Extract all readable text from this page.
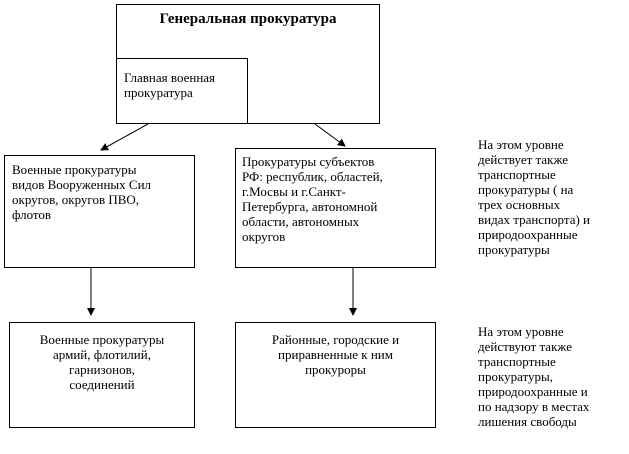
Генеральная прокуратура
Главная военная
прокуратура
Военные прокуратуры
видов Вооруженных Сил
округов, округов ПВО,
флотов
Прокуратуры субъектов
РФ: республик, областей,
г.Мосвы и г.Санкт-
Петербурга, автономной
области, автономных
округов
Военные прокуратуры
армий, флотилий,
гарнизонов,
соединений
Районные, городские и
приравненные к ним
прокуроры
На этом уровне
действует также
транспортные
прокуратуры ( на
трех основных
видах транспорта) и
природоохранные
прокуратуры
На этом уровне
действуют также
транспортные
прокуратуры,
природоохранные и
по надзору в местах
лишения свободы
